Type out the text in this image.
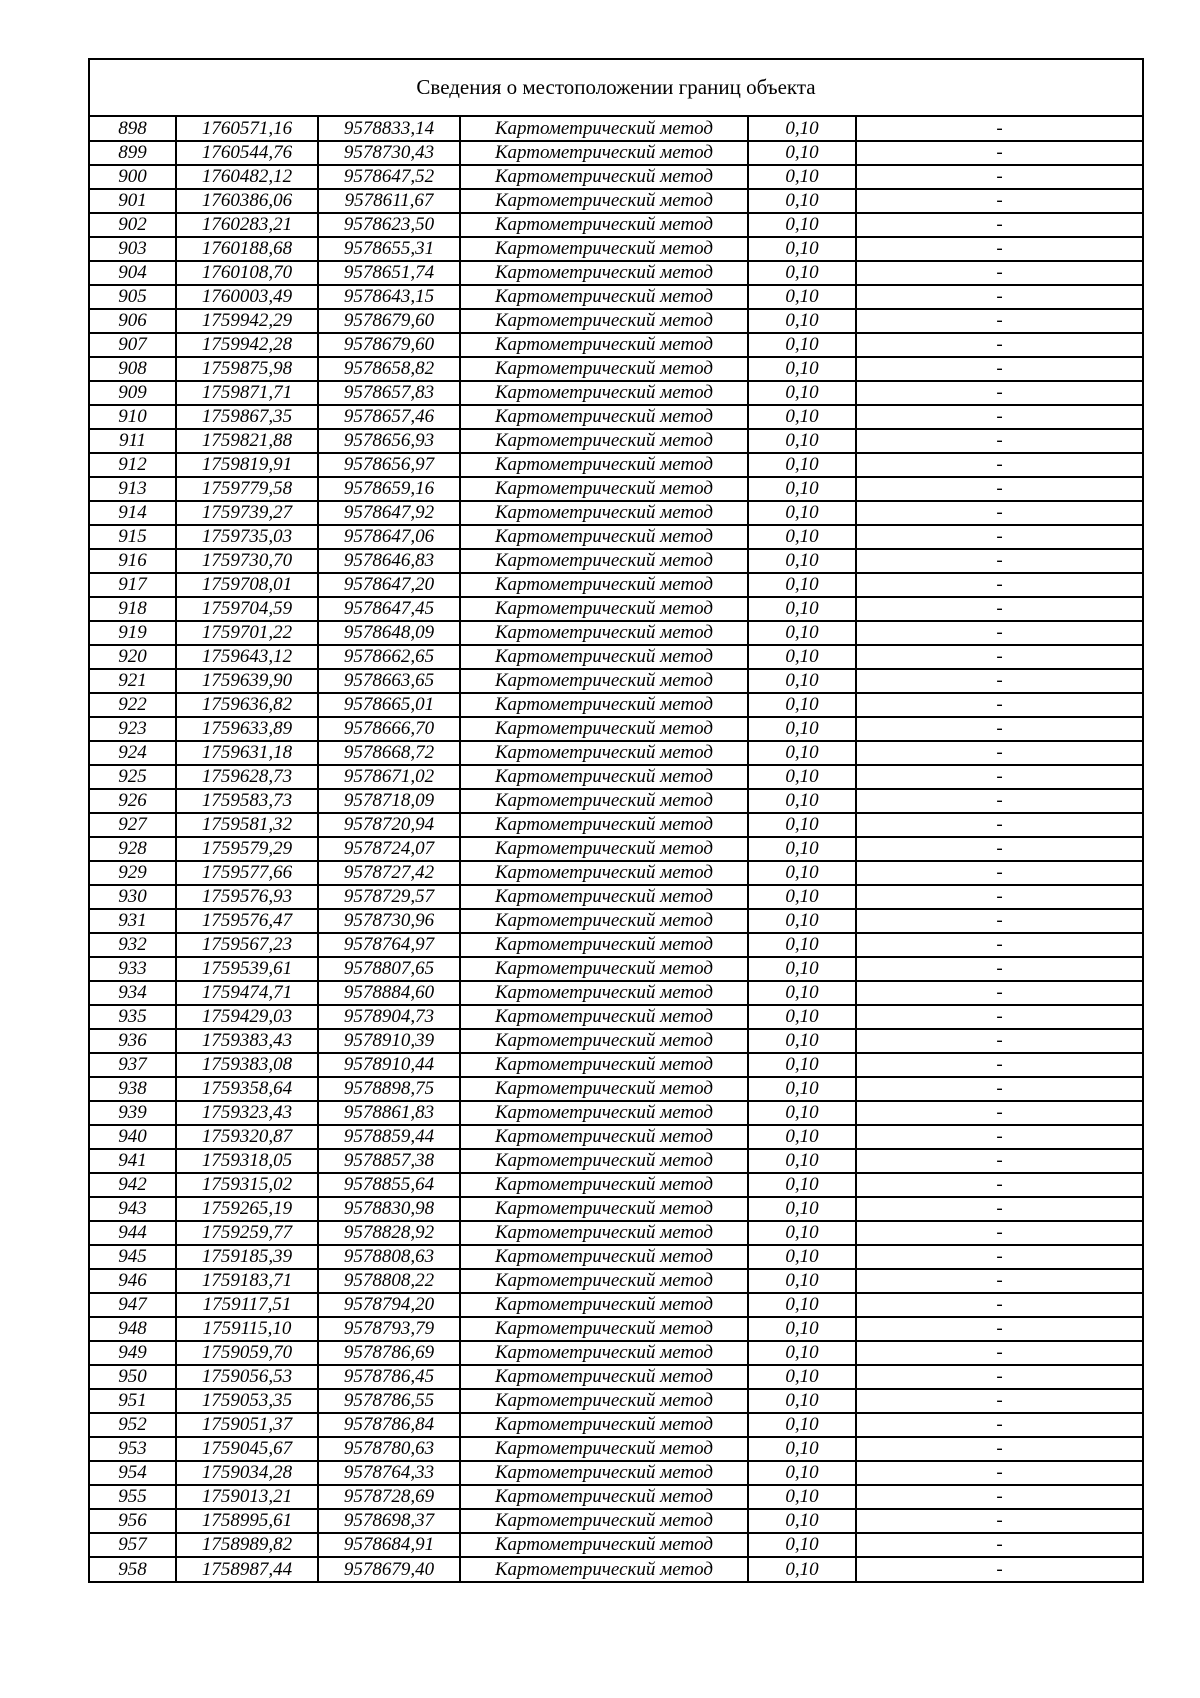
Сведения о местоположении границ объекта
898	1760571,16	9578833,14	Картометрический метод	0,10	-
899	1760544,76	9578730,43	Картометрический метод	0,10	-
900	1760482,12	9578647,52	Картометрический метод	0,10	-
901	1760386,06	9578611,67	Картометрический метод	0,10	-
902	1760283,21	9578623,50	Картометрический метод	0,10	-
903	1760188,68	9578655,31	Картометрический метод	0,10	-
904	1760108,70	9578651,74	Картометрический метод	0,10	-
905	1760003,49	9578643,15	Картометрический метод	0,10	-
906	1759942,29	9578679,60	Картометрический метод	0,10	-
907	1759942,28	9578679,60	Картометрический метод	0,10	-
908	1759875,98	9578658,82	Картометрический метод	0,10	-
909	1759871,71	9578657,83	Картометрический метод	0,10	-
910	1759867,35	9578657,46	Картометрический метод	0,10	-
911	1759821,88	9578656,93	Картометрический метод	0,10	-
912	1759819,91	9578656,97	Картометрический метод	0,10	-
913	1759779,58	9578659,16	Картометрический метод	0,10	-
914	1759739,27	9578647,92	Картометрический метод	0,10	-
915	1759735,03	9578647,06	Картометрический метод	0,10	-
916	1759730,70	9578646,83	Картометрический метод	0,10	-
917	1759708,01	9578647,20	Картометрический метод	0,10	-
918	1759704,59	9578647,45	Картометрический метод	0,10	-
919	1759701,22	9578648,09	Картометрический метод	0,10	-
920	1759643,12	9578662,65	Картометрический метод	0,10	-
921	1759639,90	9578663,65	Картометрический метод	0,10	-
922	1759636,82	9578665,01	Картометрический метод	0,10	-
923	1759633,89	9578666,70	Картометрический метод	0,10	-
924	1759631,18	9578668,72	Картометрический метод	0,10	-
925	1759628,73	9578671,02	Картометрический метод	0,10	-
926	1759583,73	9578718,09	Картометрический метод	0,10	-
927	1759581,32	9578720,94	Картометрический метод	0,10	-
928	1759579,29	9578724,07	Картометрический метод	0,10	-
929	1759577,66	9578727,42	Картометрический метод	0,10	-
930	1759576,93	9578729,57	Картометрический метод	0,10	-
931	1759576,47	9578730,96	Картометрический метод	0,10	-
932	1759567,23	9578764,97	Картометрический метод	0,10	-
933	1759539,61	9578807,65	Картометрический метод	0,10	-
934	1759474,71	9578884,60	Картометрический метод	0,10	-
935	1759429,03	9578904,73	Картометрический метод	0,10	-
936	1759383,43	9578910,39	Картометрический метод	0,10	-
937	1759383,08	9578910,44	Картометрический метод	0,10	-
938	1759358,64	9578898,75	Картометрический метод	0,10	-
939	1759323,43	9578861,83	Картометрический метод	0,10	-
940	1759320,87	9578859,44	Картометрический метод	0,10	-
941	1759318,05	9578857,38	Картометрический метод	0,10	-
942	1759315,02	9578855,64	Картометрический метод	0,10	-
943	1759265,19	9578830,98	Картометрический метод	0,10	-
944	1759259,77	9578828,92	Картометрический метод	0,10	-
945	1759185,39	9578808,63	Картометрический метод	0,10	-
946	1759183,71	9578808,22	Картометрический метод	0,10	-
947	1759117,51	9578794,20	Картометрический метод	0,10	-
948	1759115,10	9578793,79	Картометрический метод	0,10	-
949	1759059,70	9578786,69	Картометрический метод	0,10	-
950	1759056,53	9578786,45	Картометрический метод	0,10	-
951	1759053,35	9578786,55	Картометрический метод	0,10	-
952	1759051,37	9578786,84	Картометрический метод	0,10	-
953	1759045,67	9578780,63	Картометрический метод	0,10	-
954	1759034,28	9578764,33	Картометрический метод	0,10	-
955	1759013,21	9578728,69	Картометрический метод	0,10	-
956	1758995,61	9578698,37	Картометрический метод	0,10	-
957	1758989,82	9578684,91	Картометрический метод	0,10	-
958	1758987,44	9578679,40	Картометрический метод	0,10	-
